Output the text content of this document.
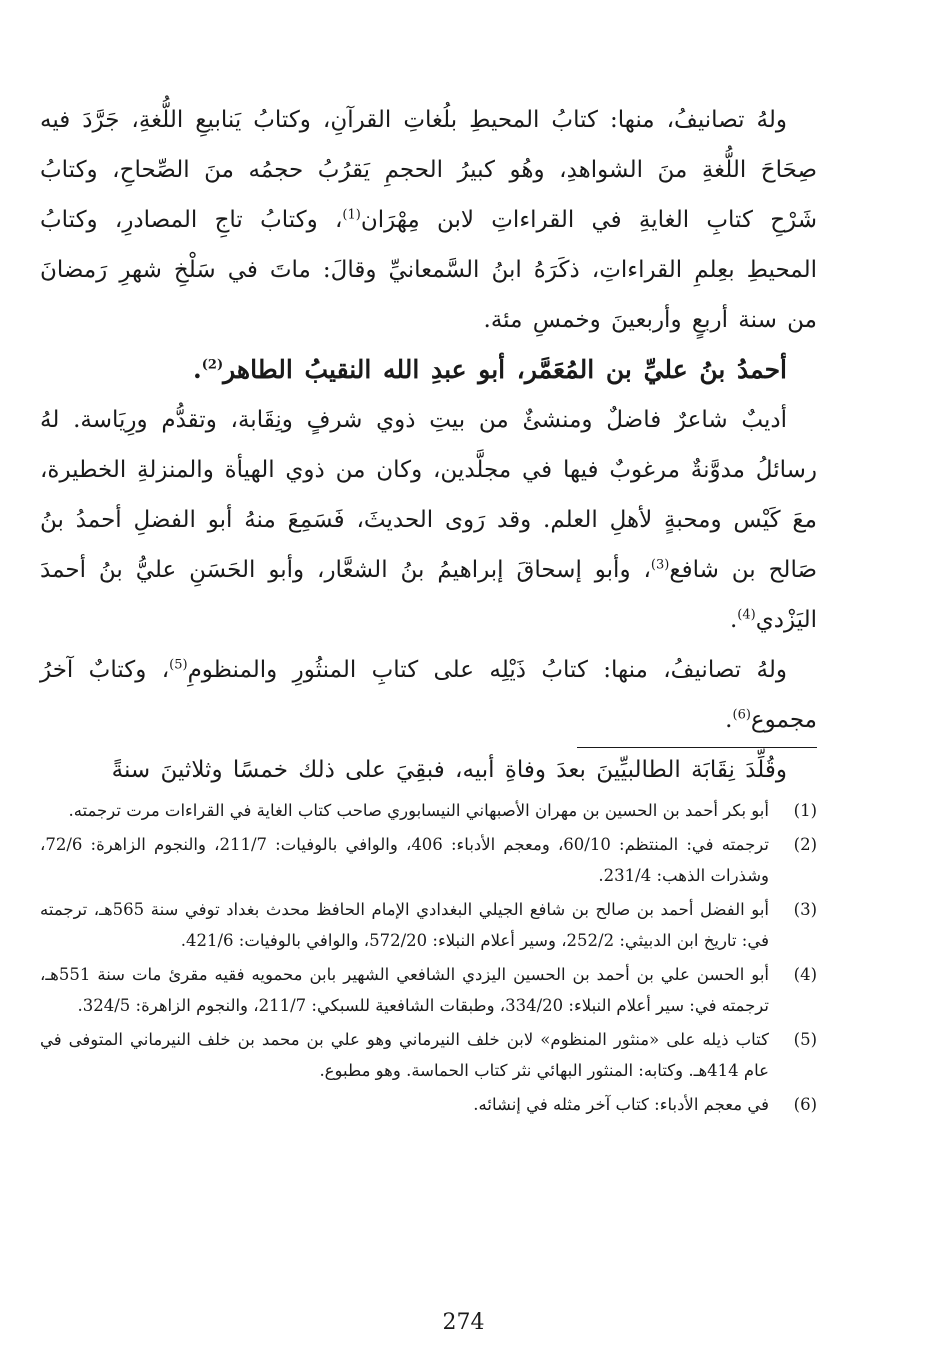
ولهُ تصانيفُ، منها: كتابُ المحيطِ بلُغاتِ القرآنِ، وكتابُ يَنابيعِ اللُّغةِ، جَرَّدَ فيه صِحَاحَ اللُّغةِ منَ الشواهدِ، وهُو كبيرُ الحجمِ يَقرُبُ حجمُه منَ الصِّحاحِ، وكتابُ شَرْحِ كتابِ الغايةِ في القراءاتِ لابن مِهْرَان$^{(1)}$، وكتابُ تاجِ المصادرِ، وكتابُ المحيطِ بعِلمِ القراءاتِ، ذكَرَهُ ابنُ السَّمعانيِّ وقالَ: ماتَ في سَلْخِ شهرِ رَمضانَ من سنة أربعٍ وأربعينَ وخمسِ مئة.

أحمدُ بنُ عليِّ بن المُعَمَّر، أبو عبدِ الله النقيبُ الطاهر$^{(2)}$.

أديبٌ شاعرٌ فاضلٌ ومنشئٌ من بيتِ ذوي شرفٍ ونِقَابة، وتقدُّم ورِيَاسة. لهُ رسائلُ مدوَّنةٌ مرغوبٌ فيها في مجلَّدين، وكان من ذوي الهيأة والمنزلةِ الخطيرة، معَ كَيْس ومحبةٍ لأهلِ العلم. وقد رَوى الحديثَ، فَسَمِعَ منهُ أبو الفضلِ أحمدُ بنُ صَالح بن شافع$^{(3)}$، وأبو إسحاقَ إبراهيمُ بنُ الشعَّار، وأبو الحَسَنِ عليُّ بنُ أحمدَ اليَزْدي$^{(4)}$.

ولهُ تصانيفُ، منها: كتابُ ذَيْلِه على كتابِ المنثُورِ والمنظومِ$^{(5)}$، وكتابٌ آخرُ مجموع$^{(6)}$.

وقُلِّدَ نِقَابَة الطالبيِّينَ بعدَ وفاةِ أبيه، فبقِيَ على ذلك خمسًا وثلاثينَ سنةً

(1)
أبو بكر أحمد بن الحسين بن مهران الأصبهاني النيسابوري صاحب كتاب الغاية في القراءات مرت ترجمته.
(2)
ترجمته في: المنتظم: 60/10، ومعجم الأدباء: 406، والوافي بالوفيات: 211/7، والنجوم الزاهرة: 72/6، وشذرات الذهب: 231/4.
(3)
أبو الفضل أحمد بن صالح بن شافع الجيلي البغدادي الإمام الحافظ محدث بغداد توفي سنة 565هـ، ترجمته في: تاريخ ابن الدبيثي: 252/2، وسير أعلام النبلاء: 572/20، والوافي بالوفيات: 421/6.
(4)
أبو الحسن علي بن أحمد بن الحسين اليزدي الشافعي الشهير بابن محمويه فقيه مقرئ مات سنة 551هـ، ترجمته في: سير أعلام النبلاء: 334/20، وطبقات الشافعية للسبكي: 211/7، والنجوم الزاهرة: 324/5.
(5)
كتاب ذيله على «منثور المنظوم» لابن خلف النيرماني وهو علي بن محمد بن خلف النيرماني المتوفى في عام 414هـ. وكتابه: المنثور البهائي نثر كتاب الحماسة. وهو مطبوع.
(6)
في معجم الأدباء: كتاب آخر مثله في إنشائه.
274
